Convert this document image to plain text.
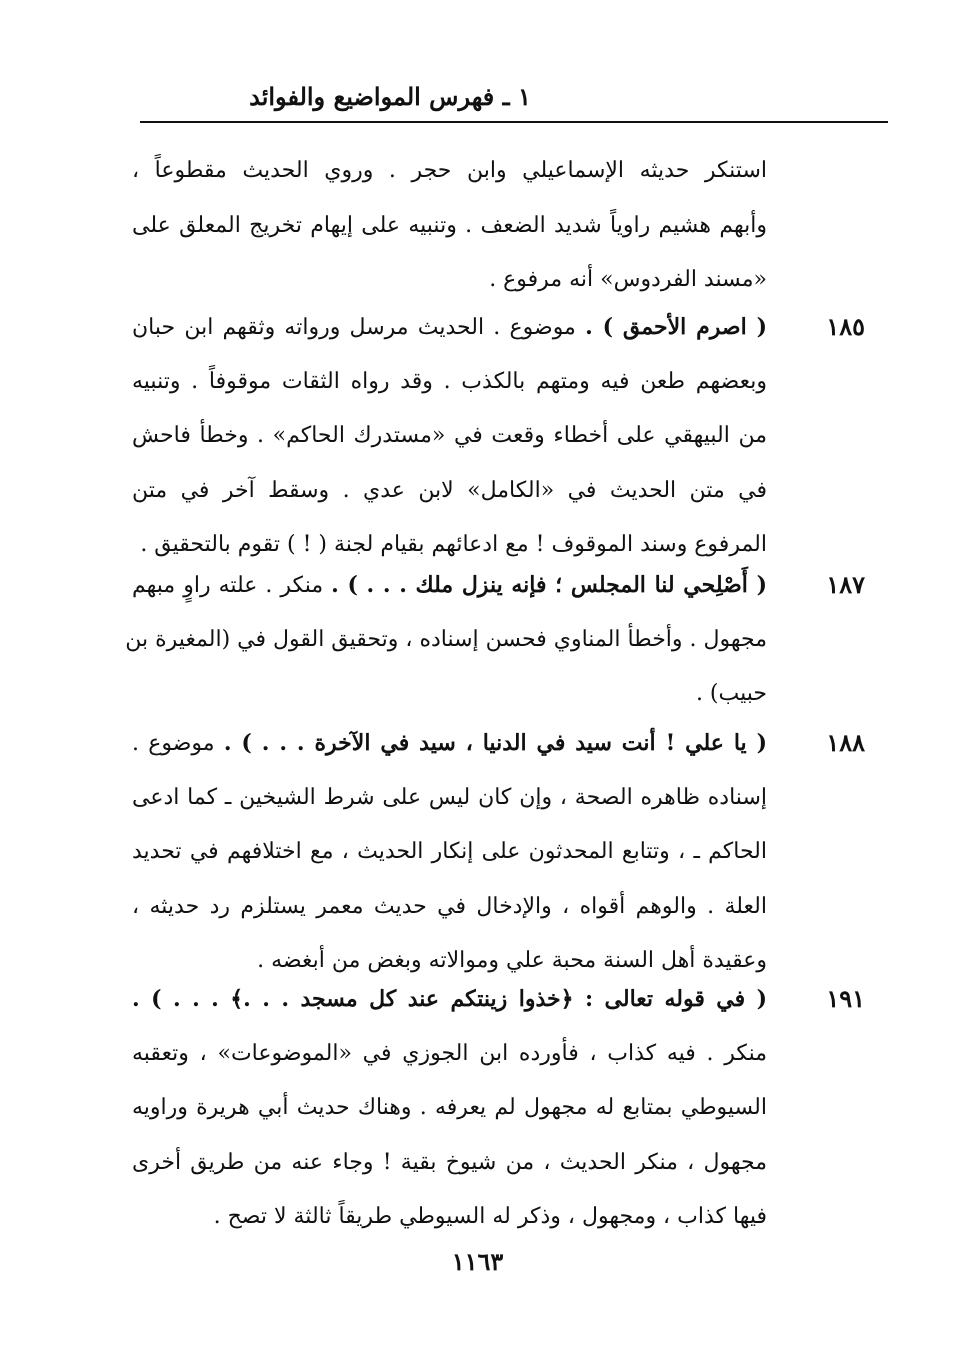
١ ـ فهرس المواضيع والفوائد
استنكر حديثه الإسماعيلي وابن حجر . وروي الحديث مقطوعاً ،
وأبهم هشيم راوياً شديد الضعف . وتنبيه على إيهام تخريج المعلق على
«مسند الفردوس» أنه مرفوع .
١٨٥
( اصرم الأحمق ) . موضوع . الحديث مرسل ورواته وثقهم ابن حبان
وبعضهم طعن فيه ومتهم بالكذب . وقد رواه الثقات موقوفاً . وتنبيه
من البيهقي على أخطاء وقعت في «مستدرك الحاكم» . وخطأ فاحش
في متن الحديث في «الكامل» لابن عدي . وسقط آخر في متن
المرفوع وسند الموقوف ! مع ادعائهم بقيام لجنة ( ! ) تقوم بالتحقيق .
١٨٧
( أَصْلِحي لنا المجلس ؛ فإنه ينزل ملك . . . ) . منكر . علته راوٍ مبهم
مجهول . وأخطأ المناوي فحسن إسناده ، وتحقيق القول في (المغيرة بن
حبيب) .
١٨٨
( يا علي ! أنت سيد في الدنيا ، سيد في الآخرة . . . ) . موضوع .
إسناده ظاهره الصحة ، وإن كان ليس على شرط الشيخين ـ كما ادعى
الحاكم ـ ، وتتابع المحدثون على إنكار الحديث ، مع اختلافهم في تحديد
العلة . والوهم أقواه ، والإدخال في حديث معمر يستلزم رد حديثه ،
وعقيدة أهل السنة محبة علي وموالاته وبغض من أبغضه .
١٩١
( في قوله تعالى : ﴿خذوا زينتكم عند كل مسجد . . .﴾ . . . ) .
منكر . فيه كذاب ، فأورده ابن الجوزي في «الموضوعات» ، وتعقبه
السيوطي بمتابع له مجهول لم يعرفه . وهناك حديث أبي هريرة وراويه
مجهول ، منكر الحديث ، من شيوخ بقية ! وجاء عنه من طريق أخرى
فيها كذاب ، ومجهول ، وذكر له السيوطي طريقاً ثالثة لا تصح .
١١٦٣
